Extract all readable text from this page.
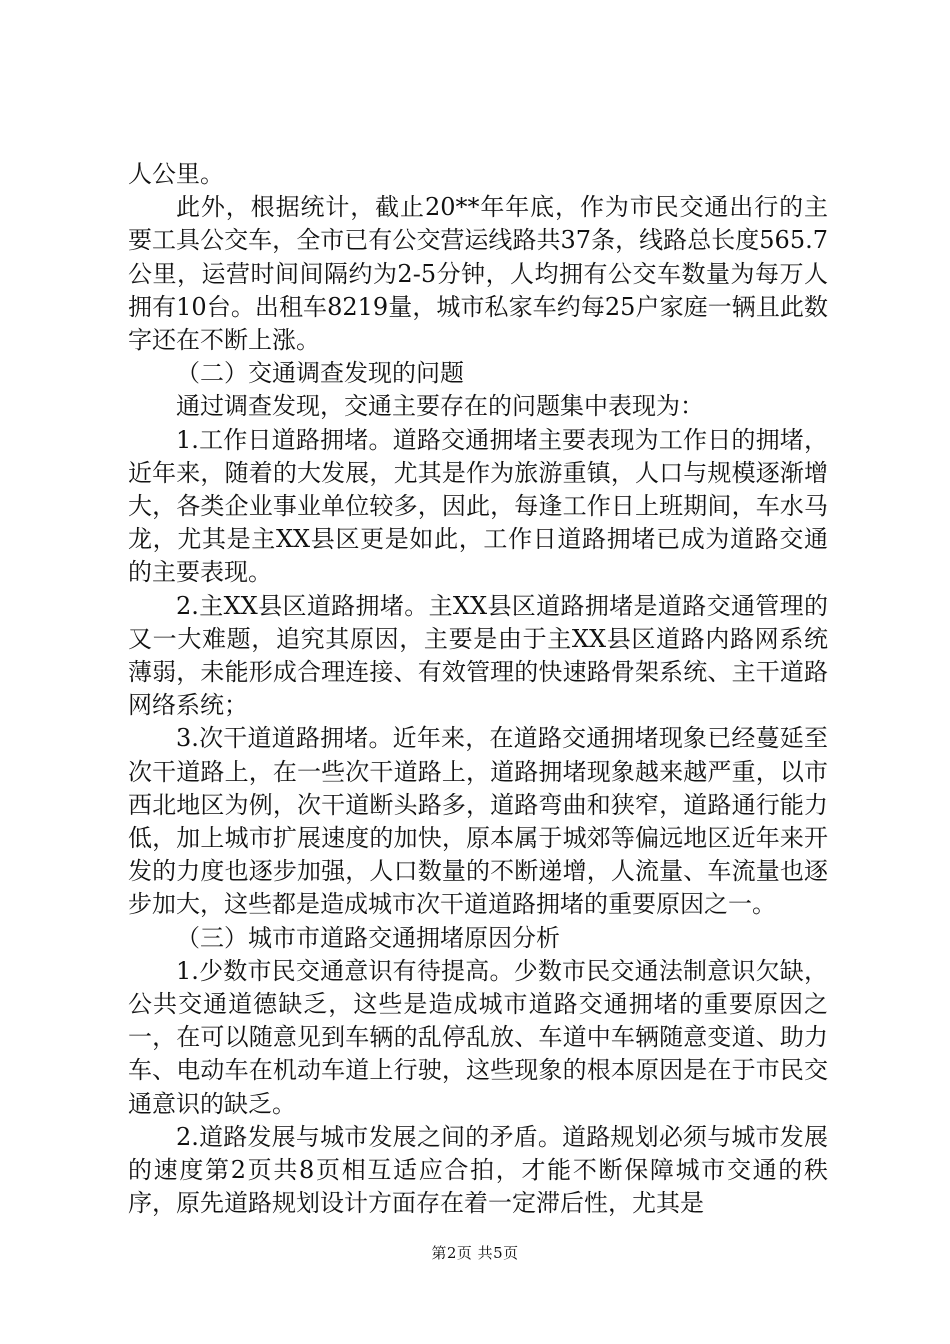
人公里。

此外，根据统计，截止20**年年底，作为市民交通出行的主要工具公交车，全市已有公交营运线路共37条，线路总长度565.7公里，运营时间间隔约为2-5分钟，人均拥有公交车数量为每万人拥有10台。出租车8219量，城市私家车约每25户家庭一辆且此数字还在不断上涨。

（二）交通调查发现的问题

通过调查发现，交通主要存在的问题集中表现为：

1.工作日道路拥堵。道路交通拥堵主要表现为工作日的拥堵，近年来，随着的大发展，尤其是作为旅游重镇，人口与规模逐渐增大，各类企业事业单位较多，因此，每逢工作日上班期间，车水马龙，尤其是主XX县区更是如此，工作日道路拥堵已成为道路交通的主要表现。

2.主XX县区道路拥堵。主XX县区道路拥堵是道路交通管理的又一大难题，追究其原因，主要是由于主XX县区道路内路网系统薄弱，未能形成合理连接、有效管理的快速路骨架系统、主干道路网络系统；

3.次干道道路拥堵。近年来，在道路交通拥堵现象已经蔓延至次干道路上，在一些次干道路上，道路拥堵现象越来越严重，以市西北地区为例，次干道断头路多，道路弯曲和狭窄，道路通行能力低，加上城市扩展速度的加快，原本属于城郊等偏远地区近年来开发的力度也逐步加强，人口数量的不断递增，人流量、车流量也逐步加大，这些都是造成城市次干道道路拥堵的重要原因之一。

（三）城市市道路交通拥堵原因分析

1.少数市民交通意识有待提高。少数市民交通法制意识欠缺，公共交通道德缺乏，这些是造成城市道路交通拥堵的重要原因之一，在可以随意见到车辆的乱停乱放、车道中车辆随意变道、助力车、电动车在机动车道上行驶，这些现象的根本原因是在于市民交通意识的缺乏。

2.道路发展与城市发展之间的矛盾。道路规划必须与城市发展的速度第2页共8页相互适应合拍，才能不断保障城市交通的秩序，原先道路规划设计方面存在着一定滞后性，尤其是

第2页 共5页
